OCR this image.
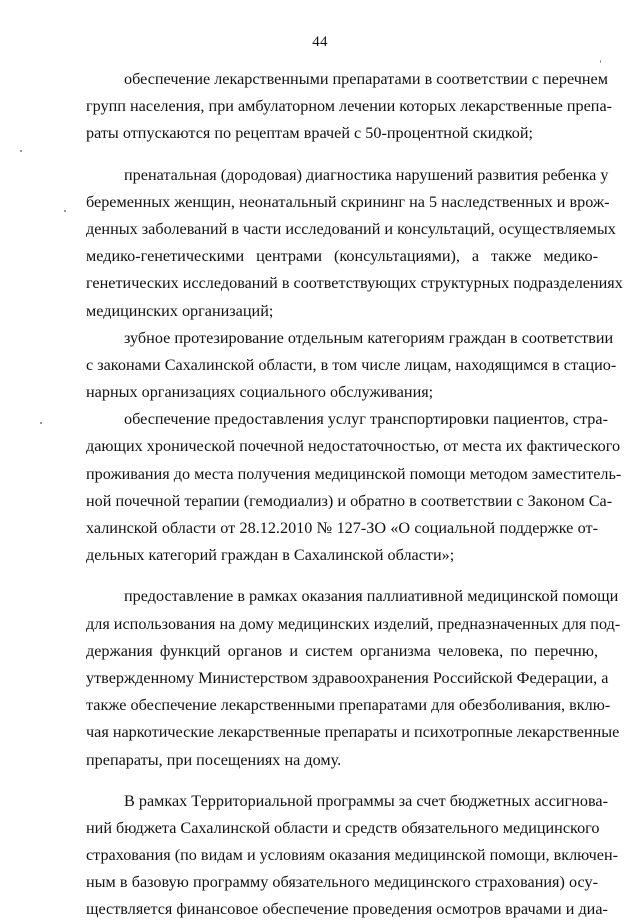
44
обеспечение лекарственными препаратами в соответствии с перечнем
групп населения, при амбулаторном лечении которых лекарственные препа-
раты отпускаются по рецептам врачей с 50-процентной скидкой;
пренатальная (дородовая) диагностика нарушений развития ребенка у
беременных женщин, неонатальный скрининг на 5 наследственных и врож-
денных заболеваний в части исследований и консультаций, осуществляемых
медико-генетическими центрами (консультациями), а также медико-
генетических исследований в соответствующих структурных подразделениях
медицинских организаций;
зубное протезирование отдельным категориям граждан в соответствии
с законами Сахалинской области, в том числе лицам, находящимся в стацио-
нарных организациях социального обслуживания;
обеспечение предоставления услуг транспортировки пациентов, стра-
дающих хронической почечной недостаточностью, от места их фактического
проживания до места получения медицинской помощи методом заместитель-
ной почечной терапии (гемодиализ) и обратно в соответствии с Законом Са-
халинской области от 28.12.2010 № 127-ЗО «О социальной поддержке от-
дельных категорий граждан в Сахалинской области»;
предоставление в рамках оказания паллиативной медицинской помощи
для использования на дому медицинских изделий, предназначенных для под-
держания функций органов и систем организма человека, по перечню,
утвержденному Министерством здравоохранения Российской Федерации, а
также обеспечение лекарственными препаратами для обезболивания, вклю-
чая наркотические лекарственные препараты и психотропные лекарственные
препараты, при посещениях на дому.
В рамках Территориальной программы за счет бюджетных ассигнова-
ний бюджета Сахалинской области и средств обязательного медицинского
страхования (по видам и условиям оказания медицинской помощи, включен-
ным в базовую программу обязательного медицинского страхования) осу-
ществляется финансовое обеспечение проведения осмотров врачами и диа-
